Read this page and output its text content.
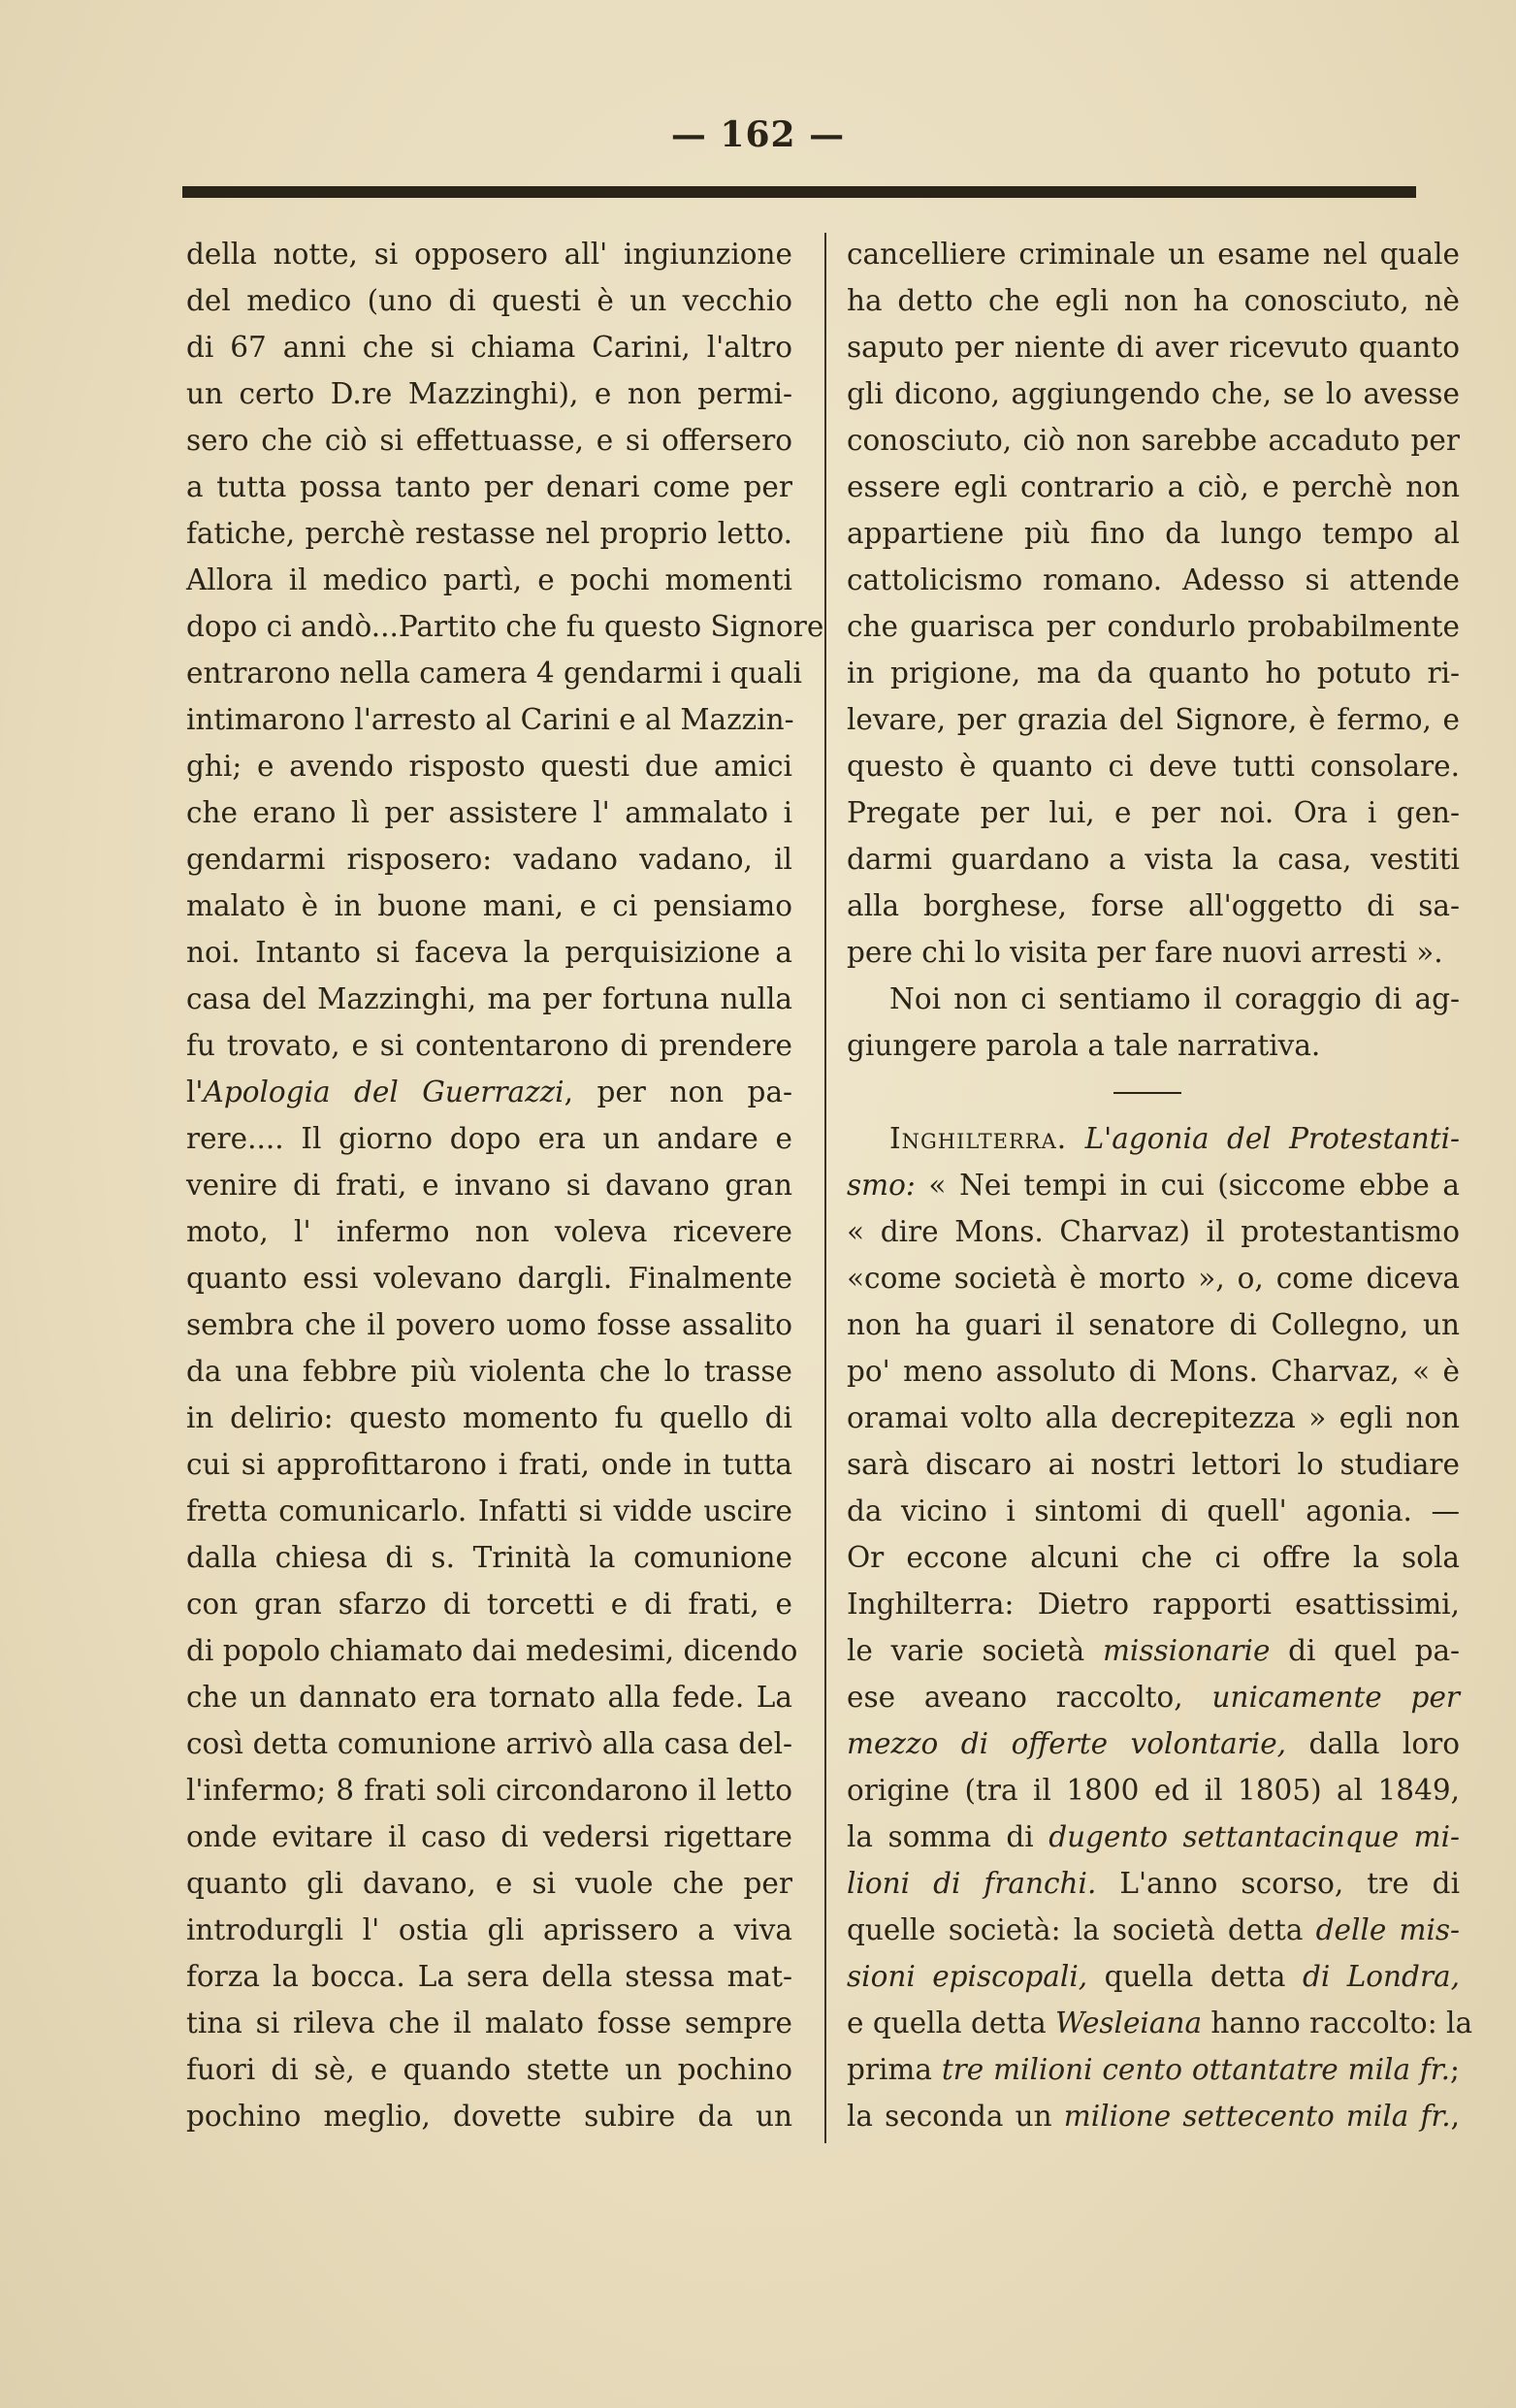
— 162 —
della notte, si opposero all' ingiunzione
del medico (uno di questi è un vecchio
di 67 anni che si chiama Carini, l'altro
un certo D.re Mazzinghi), e non permi-
sero che ciò si effettuasse, e si offersero
a tutta possa tanto per denari come per
fatiche, perchè restasse nel proprio letto.
Allora il medico partì, e pochi momenti
dopo ci andò...Partito che fu questo Signore
entrarono nella camera 4 gendarmi i quali
intimarono l'arresto al Carini e al Mazzin-
ghi; e avendo risposto questi due amici
che erano lì per assistere l' ammalato i
gendarmi risposero: vadano vadano, il
malato è in buone mani, e ci pensiamo
noi. Intanto si faceva la perquisizione a
casa del Mazzinghi, ma per fortuna nulla
fu trovato, e si contentarono di prendere
l'Apologia del Guerrazzi, per non pa-
rere.... Il giorno dopo era un andare e
venire di frati, e invano si davano gran
moto, l' infermo non voleva ricevere
quanto essi volevano dargli. Finalmente
sembra che il povero uomo fosse assalito
da una febbre più violenta che lo trasse
in delirio: questo momento fu quello di
cui si approfittarono i frati, onde in tutta
fretta comunicarlo. Infatti si vidde uscire
dalla chiesa di s. Trinità la comunione
con gran sfarzo di torcetti e di frati, e
di popolo chiamato dai medesimi, dicendo
che un dannato era tornato alla fede. La
così detta comunione arrivò alla casa del-
l'infermo; 8 frati soli circondarono il letto
onde evitare il caso di vedersi rigettare
quanto gli davano, e si vuole che per
introdurgli l' ostia gli aprissero a viva
forza la bocca. La sera della stessa mat-
tina si rileva che il malato fosse sempre
fuori di sè, e quando stette un pochino
pochino meglio, dovette subire da un
cancelliere criminale un esame nel quale
ha detto che egli non ha conosciuto, nè
saputo per niente di aver ricevuto quanto
gli dicono, aggiungendo che, se lo avesse
conosciuto, ciò non sarebbe accaduto per
essere egli contrario a ciò, e perchè non
appartiene più fino da lungo tempo al
cattolicismo romano. Adesso si attende
che guarisca per condurlo probabilmente
in prigione, ma da quanto ho potuto ri-
levare, per grazia del Signore, è fermo, e
questo è quanto ci deve tutti consolare.
Pregate per lui, e per noi. Ora i gen-
darmi guardano a vista la casa, vestiti
alla borghese, forse all'oggetto di sa-
pere chi lo visita per fare nuovi arresti ».
Noi non ci sentiamo il coraggio di ag-
giungere parola a tale narrativa.
Inghilterra. L'agonia del Protestanti-
smo: « Nei tempi in cui (siccome ebbe a
« dire Mons. Charvaz) il protestantismo
«come società è morto », o, come diceva
non ha guari il senatore di Collegno, un
po' meno assoluto di Mons. Charvaz, « è
oramai volto alla decrepitezza » egli non
sarà discaro ai nostri lettori lo studiare
da vicino i sintomi di quell' agonia. —
Or eccone alcuni che ci offre la sola
Inghilterra: Dietro rapporti esattissimi,
le varie società missionarie di quel pa-
ese aveano raccolto, unicamente per
mezzo di offerte volontarie, dalla loro
origine (tra il 1800 ed il 1805) al 1849,
la somma di dugento settantacinque mi-
lioni di franchi. L'anno scorso, tre di
quelle società: la società detta delle mis-
sioni episcopali, quella detta di Londra,
e quella detta Wesleiana hanno raccolto: la
prima tre milioni cento ottantatre mila fr.;
la seconda un milione settecento mila fr.,
